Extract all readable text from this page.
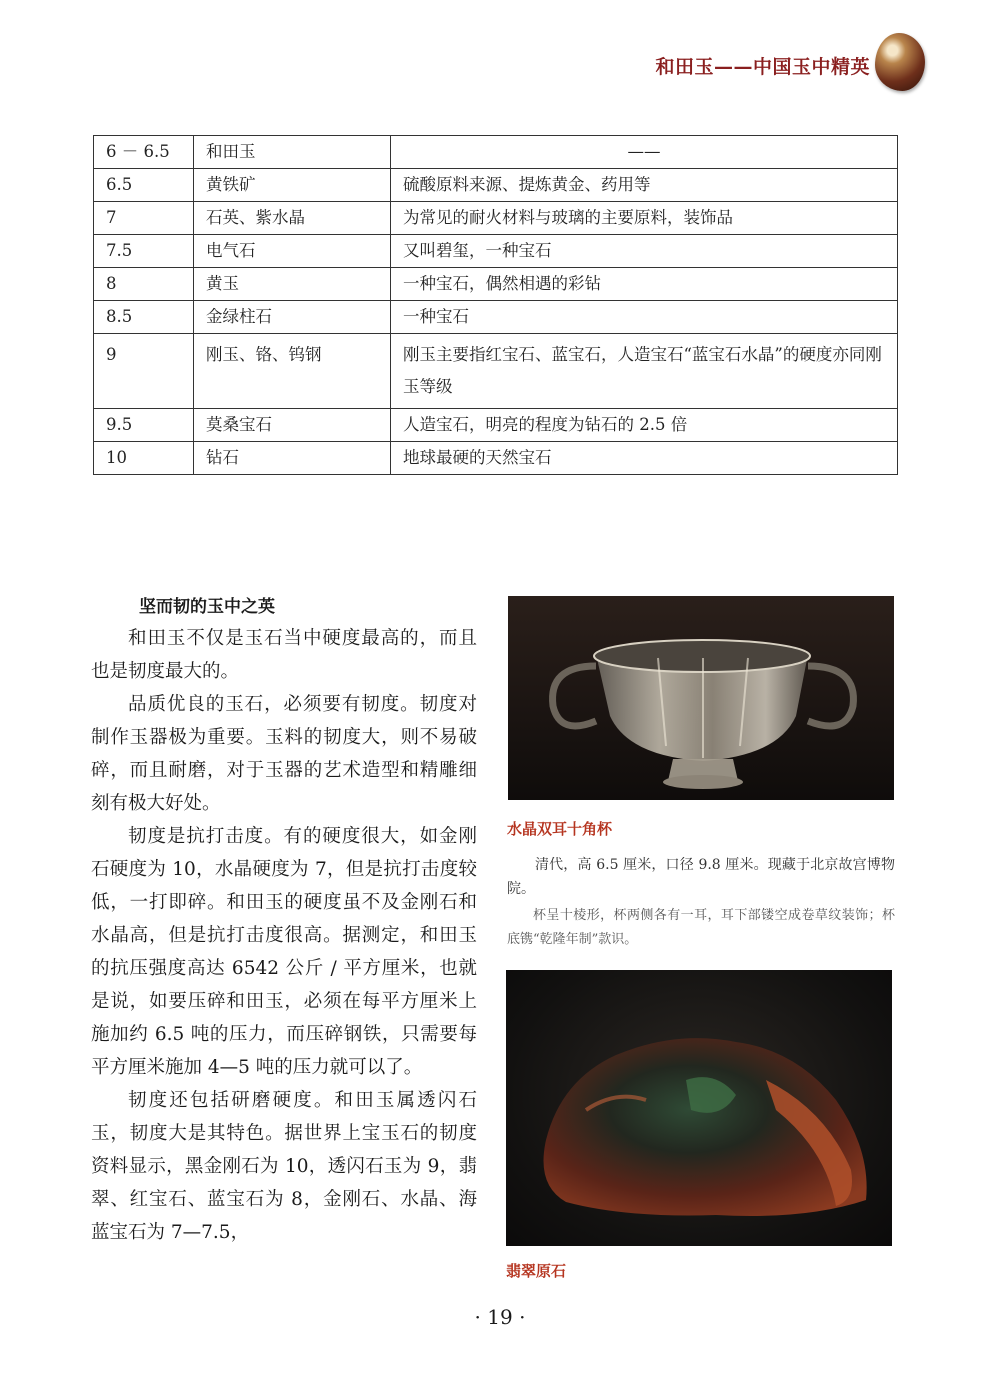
和田玉——中国玉中精英
6 － 6.5	和田玉	——
6.5	黄铁矿	硫酸原料来源、提炼黄金、药用等
7	石英、紫水晶	为常见的耐火材料与玻璃的主要原料，装饰品
7.5	电气石	又叫碧玺，一种宝石
8	黄玉	一种宝石，偶然相遇的彩钻
8.5	金绿柱石	一种宝石
9	刚玉、铬、钨钢	刚玉主要指红宝石、蓝宝石，人造宝石“蓝宝石水晶”的硬度亦同刚玉等级
9.5	莫桑宝石	人造宝石，明亮的程度为钻石的 2.5 倍
10	钻石	地球最硬的天然宝石
坚而韧的玉中之英

和田玉不仅是玉石当中硬度最高的，而且也是韧度最大的。

品质优良的玉石，必须要有韧度。韧度对制作玉器极为重要。玉料的韧度大，则不易破碎，而且耐磨，对于玉器的艺术造型和精雕细刻有极大好处。

韧度是抗打击度。有的硬度很大，如金刚石硬度为 10，水晶硬度为 7，但是抗打击度较低，一打即碎。和田玉的硬度虽不及金刚石和水晶高，但是抗打击度很高。据测定，和田玉的抗压强度高达 6542 公斤 / 平方厘米，也就是说，如要压碎和田玉，必须在每平方厘米上施加约 6.5 吨的压力，而压碎钢铁，只需要每平方厘米施加 4—5 吨的压力就可以了。

韧度还包括研磨硬度。和田玉属透闪石玉，韧度大是其特色。据世界上宝玉石的韧度资料显示，黑金刚石为 10，透闪石玉为 9，翡翠、红宝石、蓝宝石为 8，金刚石、水晶、海蓝宝石为 7—7.5，

水晶双耳十角杯

清代，高 6.5 厘米，口径 9.8 厘米。现藏于北京故宫博物院。

杯呈十棱形，杯两侧各有一耳，耳下部镂空成卷草纹装饰；杯底镌“乾隆年制”款识。

翡翠原石
· 19 ·
